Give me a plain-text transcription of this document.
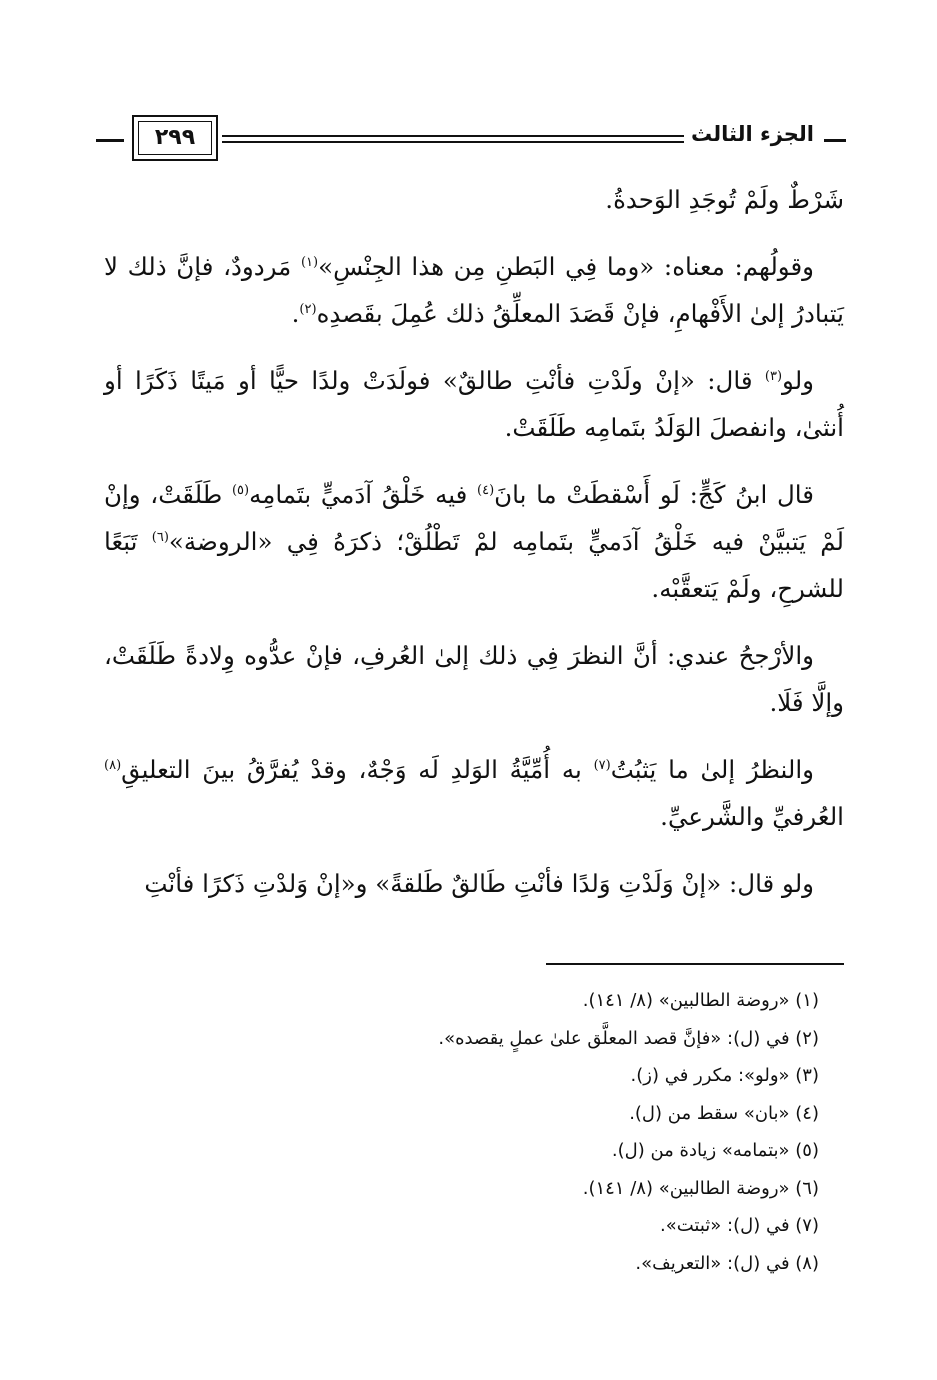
الجزء الثالث
٢٩٩

شَرْطٌ ولَمْ تُوجَدِ الوَحدةُ.

وقولُهم: معناه: «وما فِي البَطنِ مِن هذا الجِنْسِ»$^{(١)}$ مَردودٌ، فإنَّ ذلك لا يَتبادرُ إلىٰ الأَفْهامِ، فإنْ قَصَدَ المعلِّقُ ذلك عُمِلَ بقَصدِه$^{(٢)}$.

ولو$^{(٣)}$ قال: «إنْ ولَدْتِ فأنْتِ طالقٌ» فولَدَتْ ولدًا حيًّا أو مَيتًا ذَكَرًا أو أُنثىٰ، وانفصلَ الوَلَدُ بتَمامِه طَلَقَتْ.

قال ابنُ كَجٍّ: لَو أَسْقطَتْ ما بانَ$^{(٤)}$ فيه خَلْقُ آدَميٍّ بتَمامِه$^{(٥)}$ طَلَقَتْ، وإنْ لَمْ يَتبيَّنْ فيه خَلْقُ آدَميٍّ بتَمامِه لمْ تَطْلُقْ؛ ذكرَهُ فِي «الروضة»$^{(٦)}$ تَبَعًا للشرحِ، ولَمْ يَتعقَّبْه.

والأرْجحُ عندي: أنَّ النظرَ فِي ذلك إلىٰ العُرفِ، فإنْ عدُّوه وِلادةً طَلَقَتْ، وإلَّا فَلَا.

والنظرُ إلىٰ ما يَثبُتُ$^{(٧)}$ به أُمِّيَّةُ الوَلدِ لَه وَجْهٌ، وقدْ يُفرَّقُ بينَ التعليقِ$^{(٨)}$ العُرفيِّ والشَّرعيِّ.

ولو قال: «إنْ وَلَدْتِ وَلدًا فأنْتِ طَالقٌ طَلقةً» و«إنْ وَلدْتِ ذَكرًا فأنْتِ

(١) «روضة الطالبين» (٨/ ١٤١).

(٢) في (ل): «فإنَّ قصد المعلَّق علىٰ عملٍ يقصده».

(٣) «ولو»: مكرر في (ز).

(٤) «بان» سقط من (ل).

(٥) «بتمامه» زيادة من (ل).

(٦) «روضة الطالبين» (٨/ ١٤١).

(٧) في (ل): «ثبتت».

(٨) في (ل): «التعريف».
